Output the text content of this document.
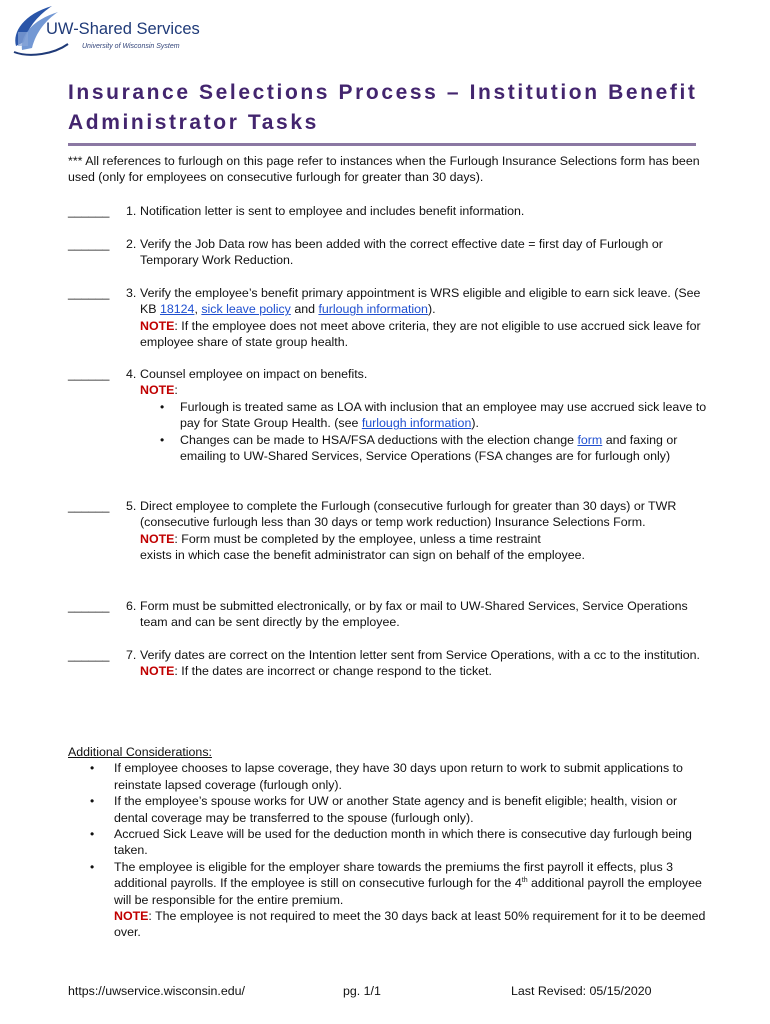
UW-Shared Services
University of Wisconsin System
Insurance Selections Process – Institution Benefit
Administrator Tasks
*** All references to furlough on this page refer to instances when the Furlough Insurance Selections form has been used (only for employees on consecutive furlough for greater than 30 days).
______ 1. Notification letter is sent to employee and includes benefit information.
______ 2. Verify the Job Data row has been added with the correct effective date = first day of Furlough or Temporary Work Reduction.
______ 3. Verify the employee’s benefit primary appointment is WRS eligible and eligible to earn sick leave. (See KB 18124, sick leave policy and furlough information).
NOTE: If the employee does not meet above criteria, they are not eligible to use accrued sick leave for employee share of state group health.
______ 4. Counsel employee on impact on benefits.
NOTE:
• Furlough is treated same as LOA with inclusion that an employee may use accrued sick leave to pay for State Group Health. (see furlough information).
• Changes can be made to HSA/FSA deductions with the election change form and faxing or emailing to UW-Shared Services, Service Operations (FSA changes are for furlough only)
______ 5. Direct employee to complete the Furlough (consecutive furlough for greater than 30 days) or TWR (consecutive furlough less than 30 days or temp work reduction) Insurance Selections Form.
NOTE: Form must be completed by the employee, unless a time restraint
exists in which case the benefit administrator can sign on behalf of the employee.
______ 6. Form must be submitted electronically, or by fax or mail to UW-Shared Services, Service Operations team and can be sent directly by the employee.
______ 7. Verify dates are correct on the Intention letter sent from Service Operations, with a cc to the institution.
NOTE: If the dates are incorrect or change respond to the ticket.
Additional Considerations:
• If employee chooses to lapse coverage, they have 30 days upon return to work to submit applications to reinstate lapsed coverage (furlough only).
• If the employee’s spouse works for UW or another State agency and is benefit eligible; health, vision or dental coverage may be transferred to the spouse (furlough only).
• Accrued Sick Leave will be used for the deduction month in which there is consecutive day furlough being taken.
• The employee is eligible for the employer share towards the premiums the first payroll it effects, plus 3 additional payrolls. If the employee is still on consecutive furlough for the 4th additional payroll the employee will be responsible for the entire premium.
NOTE: The employee is not required to meet the 30 days back at least 50% requirement for it to be deemed over.
https://uwservice.wisconsin.edu/	pg. 1/1	Last Revised: 05/15/2020
